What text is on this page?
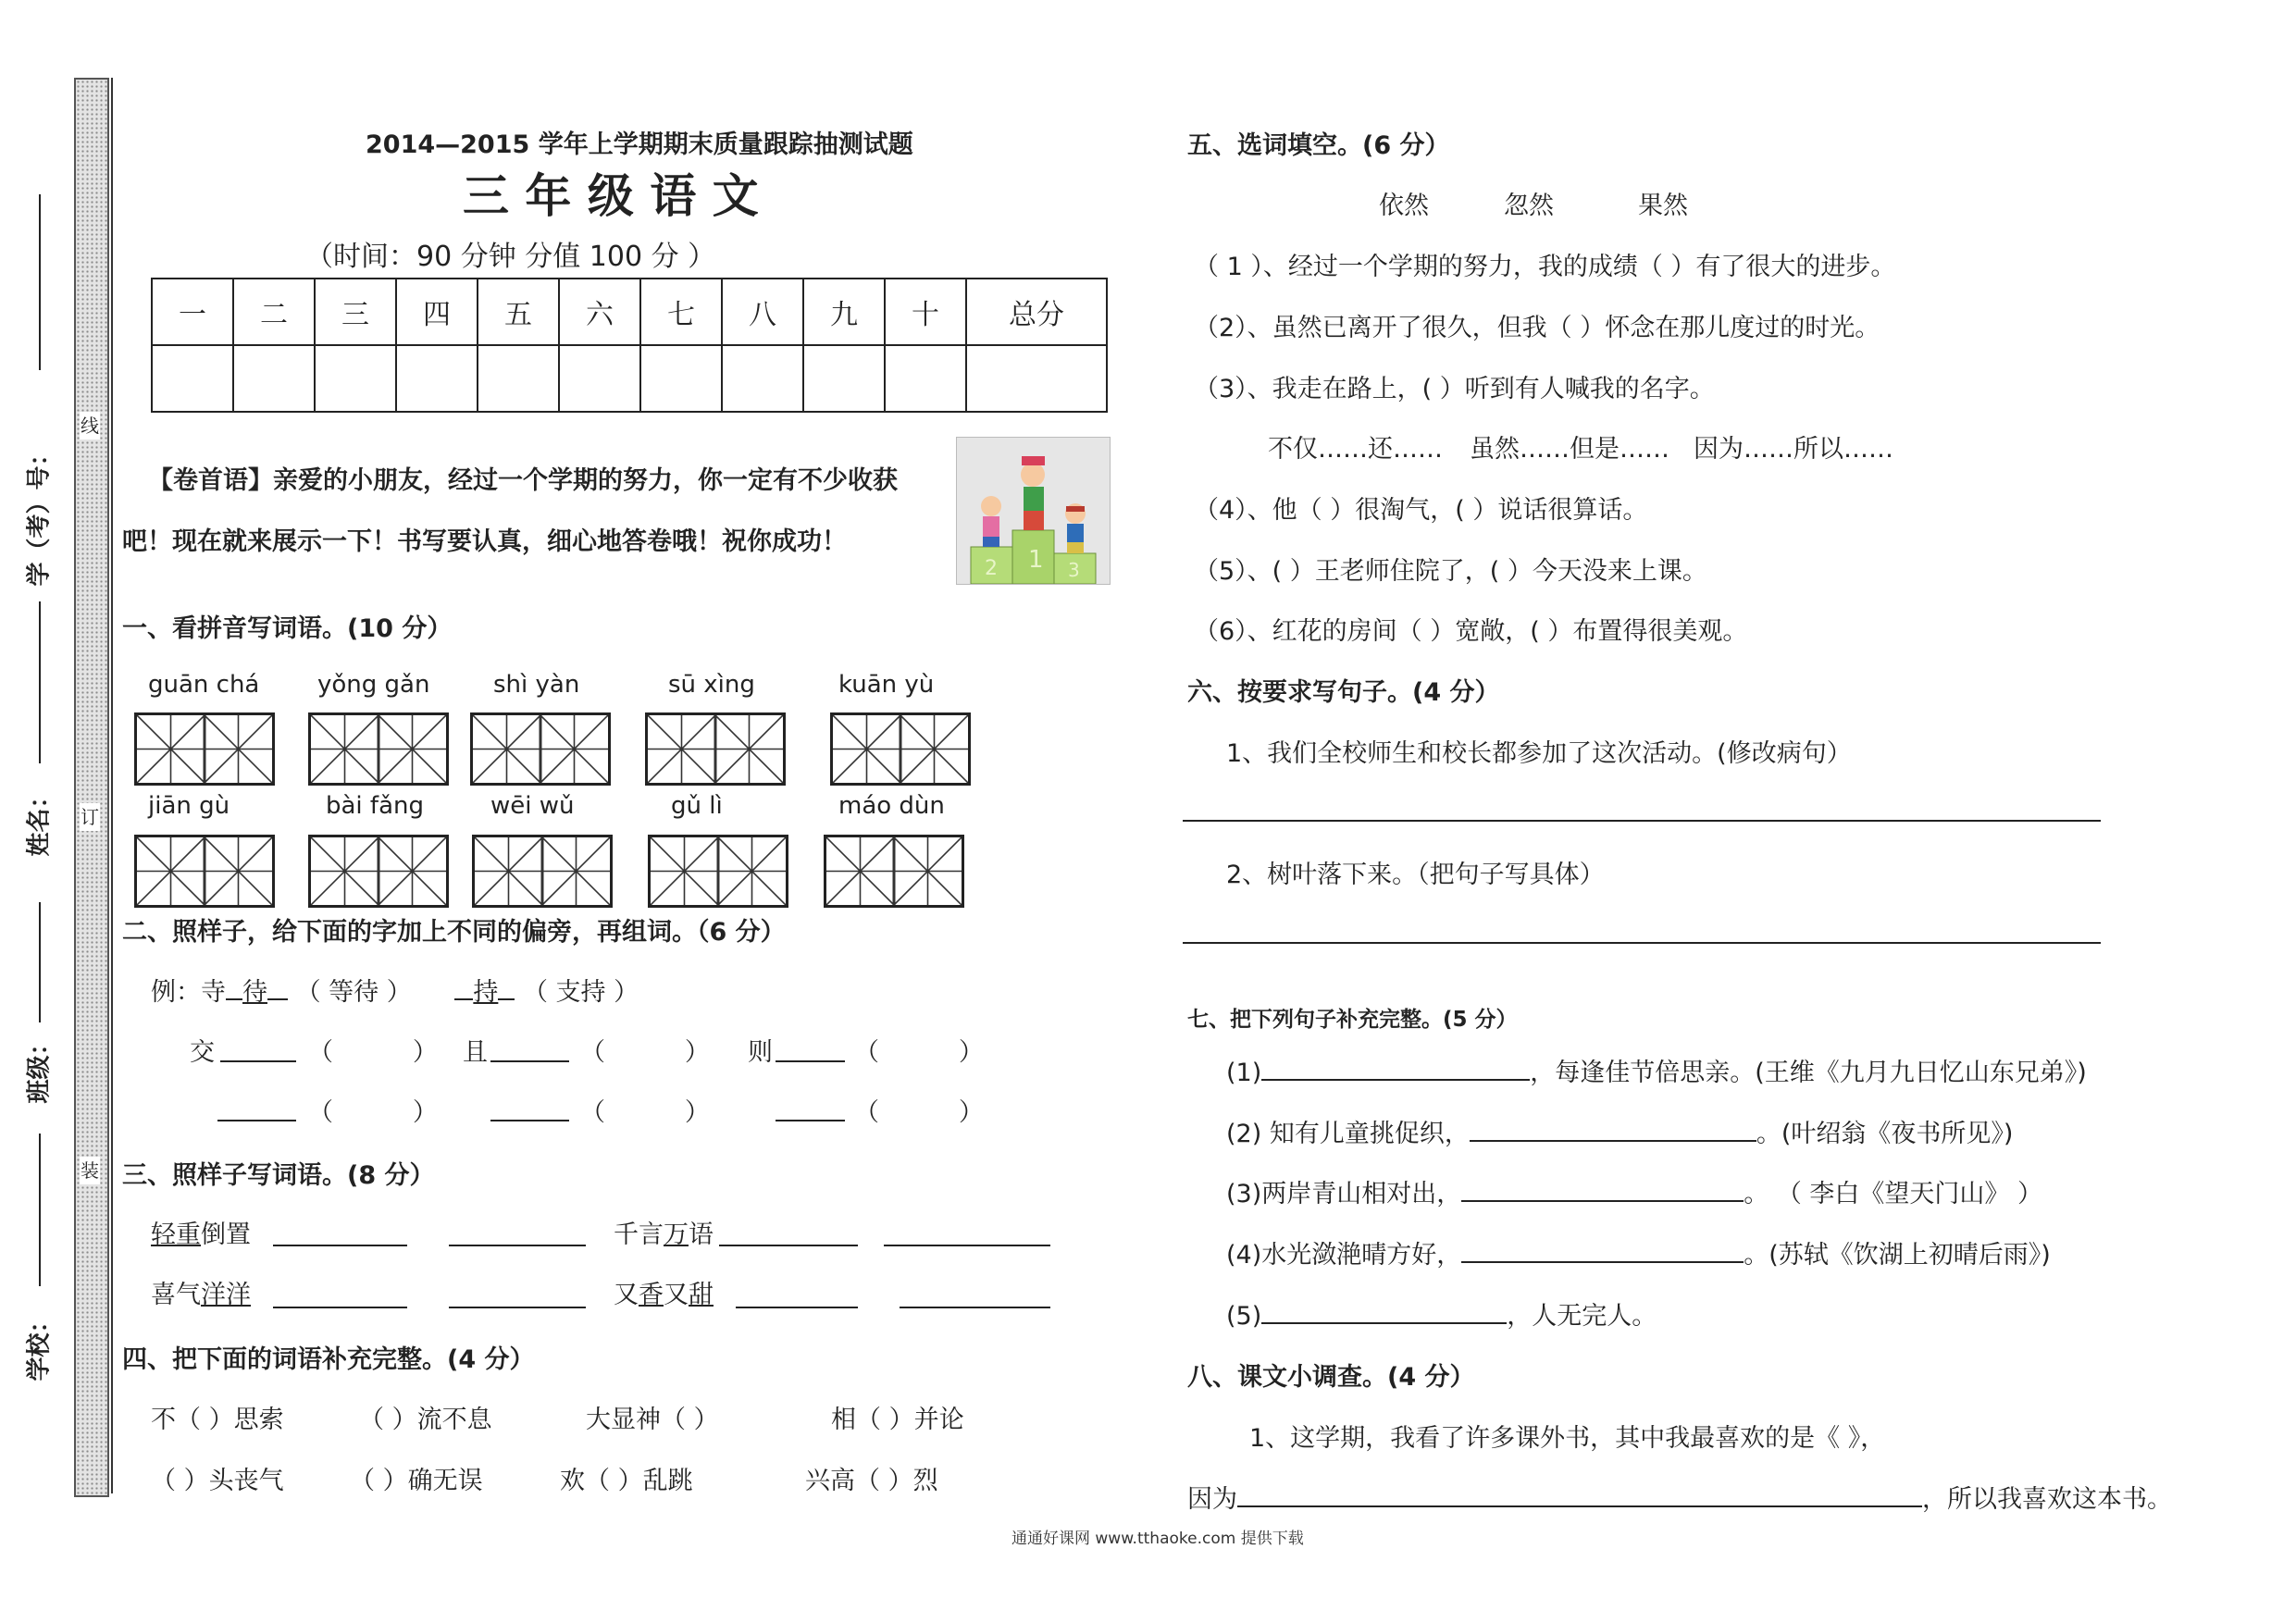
线
订
装
学（考）号：
姓名：
班级：
学校：
2014—2015 学年上学期期末质量跟踪抽测试题
三 年 级 语 文
（时间：90 分钟 分值 100 分 ）
一	二	三	四	五	六	七	八	九	十	总分

【卷首语】亲爱的小朋友，经过一个学期的努力，你一定有不少收获
吧！现在就来展示一下！书写要认真，细心地答卷哦！祝你成功！
1
2	3
一、看拼音写词语。(10 分）
guān chá yǒng gǎn	shì yàn	sū xìng	kuān yù
jiān gù	bài fǎng	wēi wǔ	gǔ lì	máo dùn
二、照样子，给下面的字加上不同的偏旁，再组词。（6 分）
例：寺 待 （ 等待 ） 持 （ 支持 ）
交	（          ） 且	（          ） 则	（          ）
（          ）	（          ）	（          ）
三、照样子写词语。(8 分）
轻重倒置	千言万语
喜气洋洋	又香又甜
四、把下面的词语补充完整。(4 分）
不（ ）思索	（ ）流不息	大显神（ ）	相（ ）并论
（ ）头丧气	（ ）确无误	欢（ ）乱跳	兴高（ ）烈
五、选词填空。(6 分）
依然	忽然	果然
（ 1 ）、经过一个学期的努力，我的成绩（ ）有了很大的进步。
（2）、虽然已离开了很久，但我（ ）怀念在那儿度过的时光。
（3）、我走在路上，( ）听到有人喊我的名字。
不仅……还…… 虽然……但是…… 因为……所以……
（4）、他（ ）很淘气，( ）说话很算话。
（5）、( ）王老师住院了，( ）今天没来上课。
（6）、红花的房间（ ）宽敞，( ）布置得很美观。
六、按要求写句子。(4 分）
1、我们全校师生和校长都参加了这次活动。(修改病句）
2、树叶落下来。（把句子写具体）
七、把下列句子补充完整。(5 分）
(1)	，每逢佳节倍思亲。(王维《九月九日忆山东兄弟》)
(2) 知有儿童挑促织，	。(叶绍翁《夜书所见》)
(3)两岸青山相对出，	。 （ 李白《望天门山》 ）
(4)水光潋滟晴方好，	。(苏轼《饮湖上初晴后雨》)
(5)	，人无完人。
八、课文小调查。(4 分）
1、这学期，我看了许多课外书，其中我最喜欢的是《 》，
因为	，所以我喜欢这本书。
通通好课网 www.tthaoke.com 提供下载
